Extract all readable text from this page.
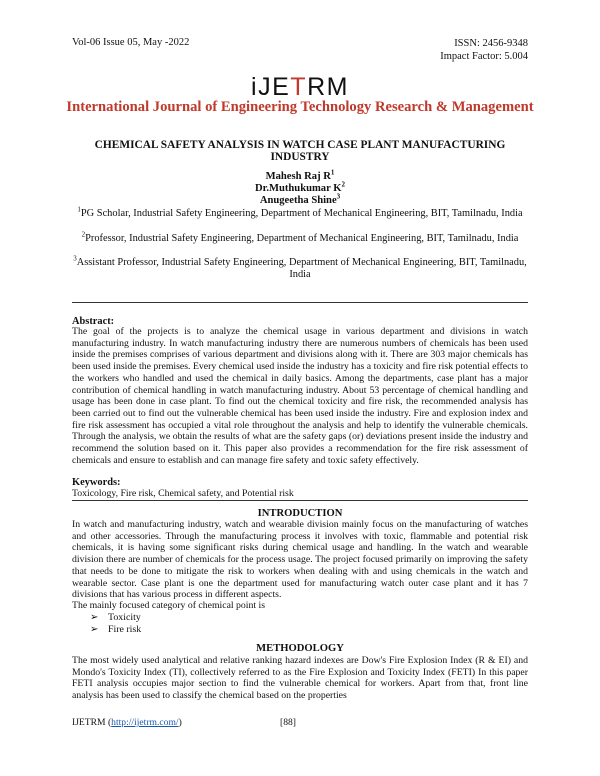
Vol-06 Issue 05, May -2022	ISSN: 2456-9348
Impact Factor: 5.004
iJETRM
International Journal of Engineering Technology Research & Management
CHEMICAL SAFETY ANALYSIS IN WATCH CASE PLANT MANUFACTURING INDUSTRY
Mahesh Raj $R^1$
Dr.Muthukumar $K^2$
Anugeetha Shine$^3$
$^1$PG Scholar, Industrial Safety Engineering, Department of Mechanical Engineering, BIT, Tamilnadu, India
$^2$Professor, Industrial Safety Engineering, Department of Mechanical Engineering, BIT, Tamilnadu, India
$^3$Assistant Professor, Industrial Safety Engineering, Department of Mechanical Engineering, BIT, Tamilnadu, India
Abstract:
The goal of the projects is to analyze the chemical usage in various department and divisions in watch manufacturing industry. In watch manufacturing industry there are numerous numbers of chemicals has been used inside the premises comprises of various department and divisions along with it. There are 303 major chemicals has been used inside the premises. Every chemical used inside the industry has a toxicity and fire risk potential effects to the workers who handled and used the chemical in daily basics. Among the departments, case plant has a major contribution of chemical handling in watch manufacturing industry. About 53 percentage of chemical handling and usage has been done in case plant. To find out the chemical toxicity and fire risk, the recommended analysis has been carried out to find out the vulnerable chemical has been used inside the industry. Fire and explosion index and fire risk assessment has occupied a vital role throughout the analysis and help to identify the vulnerable chemicals. Through the analysis, we obtain the results of what are the safety gaps (or) deviations present inside the industry and recommend the solution based on it. This paper also provides a recommendation for the fire risk assessment of chemicals and ensure to establish and can manage fire safety and toxic safety effectively.
Keywords:
Toxicology, Fire risk, Chemical safety, and Potential risk
INTRODUCTION
In watch and manufacturing industry, watch and wearable division mainly focus on the manufacturing of watches and other accessories. Through the manufacturing process it involves with toxic, flammable and potential risk chemicals, it is having some significant risks during chemical usage and handling. In the watch and wearable division there are number of chemicals for the process usage. The project focused primarily on improving the safety that needs to be done to mitigate the risk to workers when dealing with and using chemicals in the watch and wearable sector. Case plant is one the department used for manufacturing watch outer case plant and it has 7 divisions that has various process in different aspects.
The mainly focused category of chemical point is
➢ Toxicity
➢ Fire risk
METHODOLOGY
The most widely used analytical and relative ranking hazard indexes are Dow's Fire Explosion Index (R & EI) and Mondo's Toxicity Index (TI), collectively referred to as the Fire Explosion and Toxicity Index (FETI) In this paper FETI analysis occupies major section to find the vulnerable chemical for workers. Apart from that, front line analysis has been used to classify the chemical based on the properties
IJETRM (http://ijetrm.com/)	[88]
